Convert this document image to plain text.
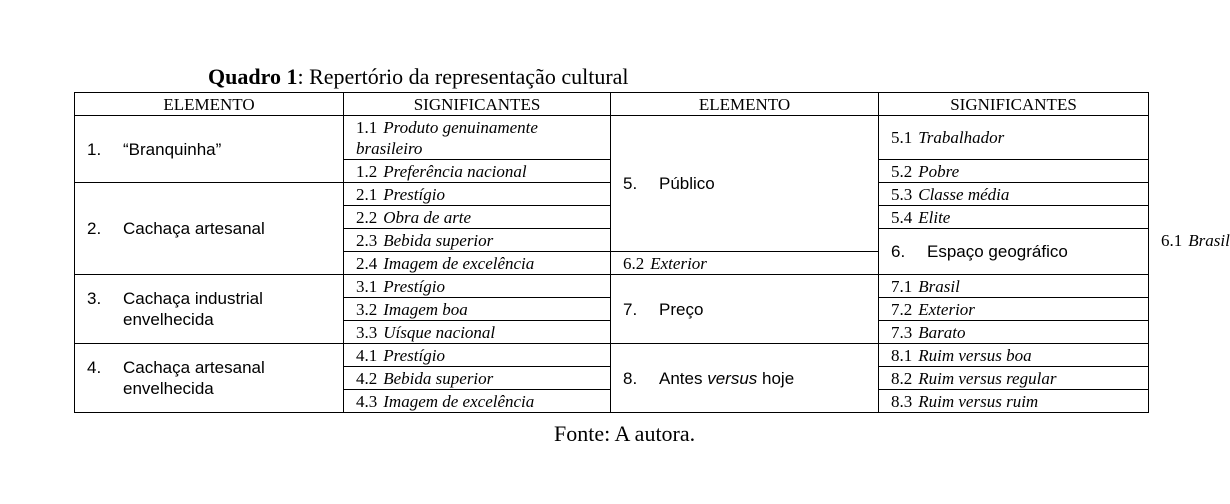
Quadro 1: Repertório da representação cultural
ELEMENTO	SIGNIFICANTES	ELEMENTO	SIGNIFICANTES	
1. “Branquinha”	1.1 Produto genuinamente brasileiro	5. Público	5.1 Trabalhador	
	1.2 Preferência nacional		5.2 Pobre	
2. Cachaça artesanal	2.1 Prestígio		5.3 Classe média	
	2.2 Obra de arte		5.4 Elite	
	2.3 Bebida superior		6. Espaço geográfico	6.1 Brasil
	2.4 Imagem de excelência	6.2 Exterior		

3. Cachaça industrial envelhecida	3.1 Prestígio	7. Preço	7.1 Brasil	
	3.2 Imagem boa		7.2 Exterior	
	3.3 Uísque nacional		7.3 Barato	

4. Cachaça artesanal envelhecida	4.1 Prestígio	8. Antes versus hoje	8.1 Ruim versus boa	
	4.2 Bebida superior		8.2 Ruim versus regular	
	4.3 Imagem de excelência		8.3 Ruim versus ruim	
Fonte: A autora.
